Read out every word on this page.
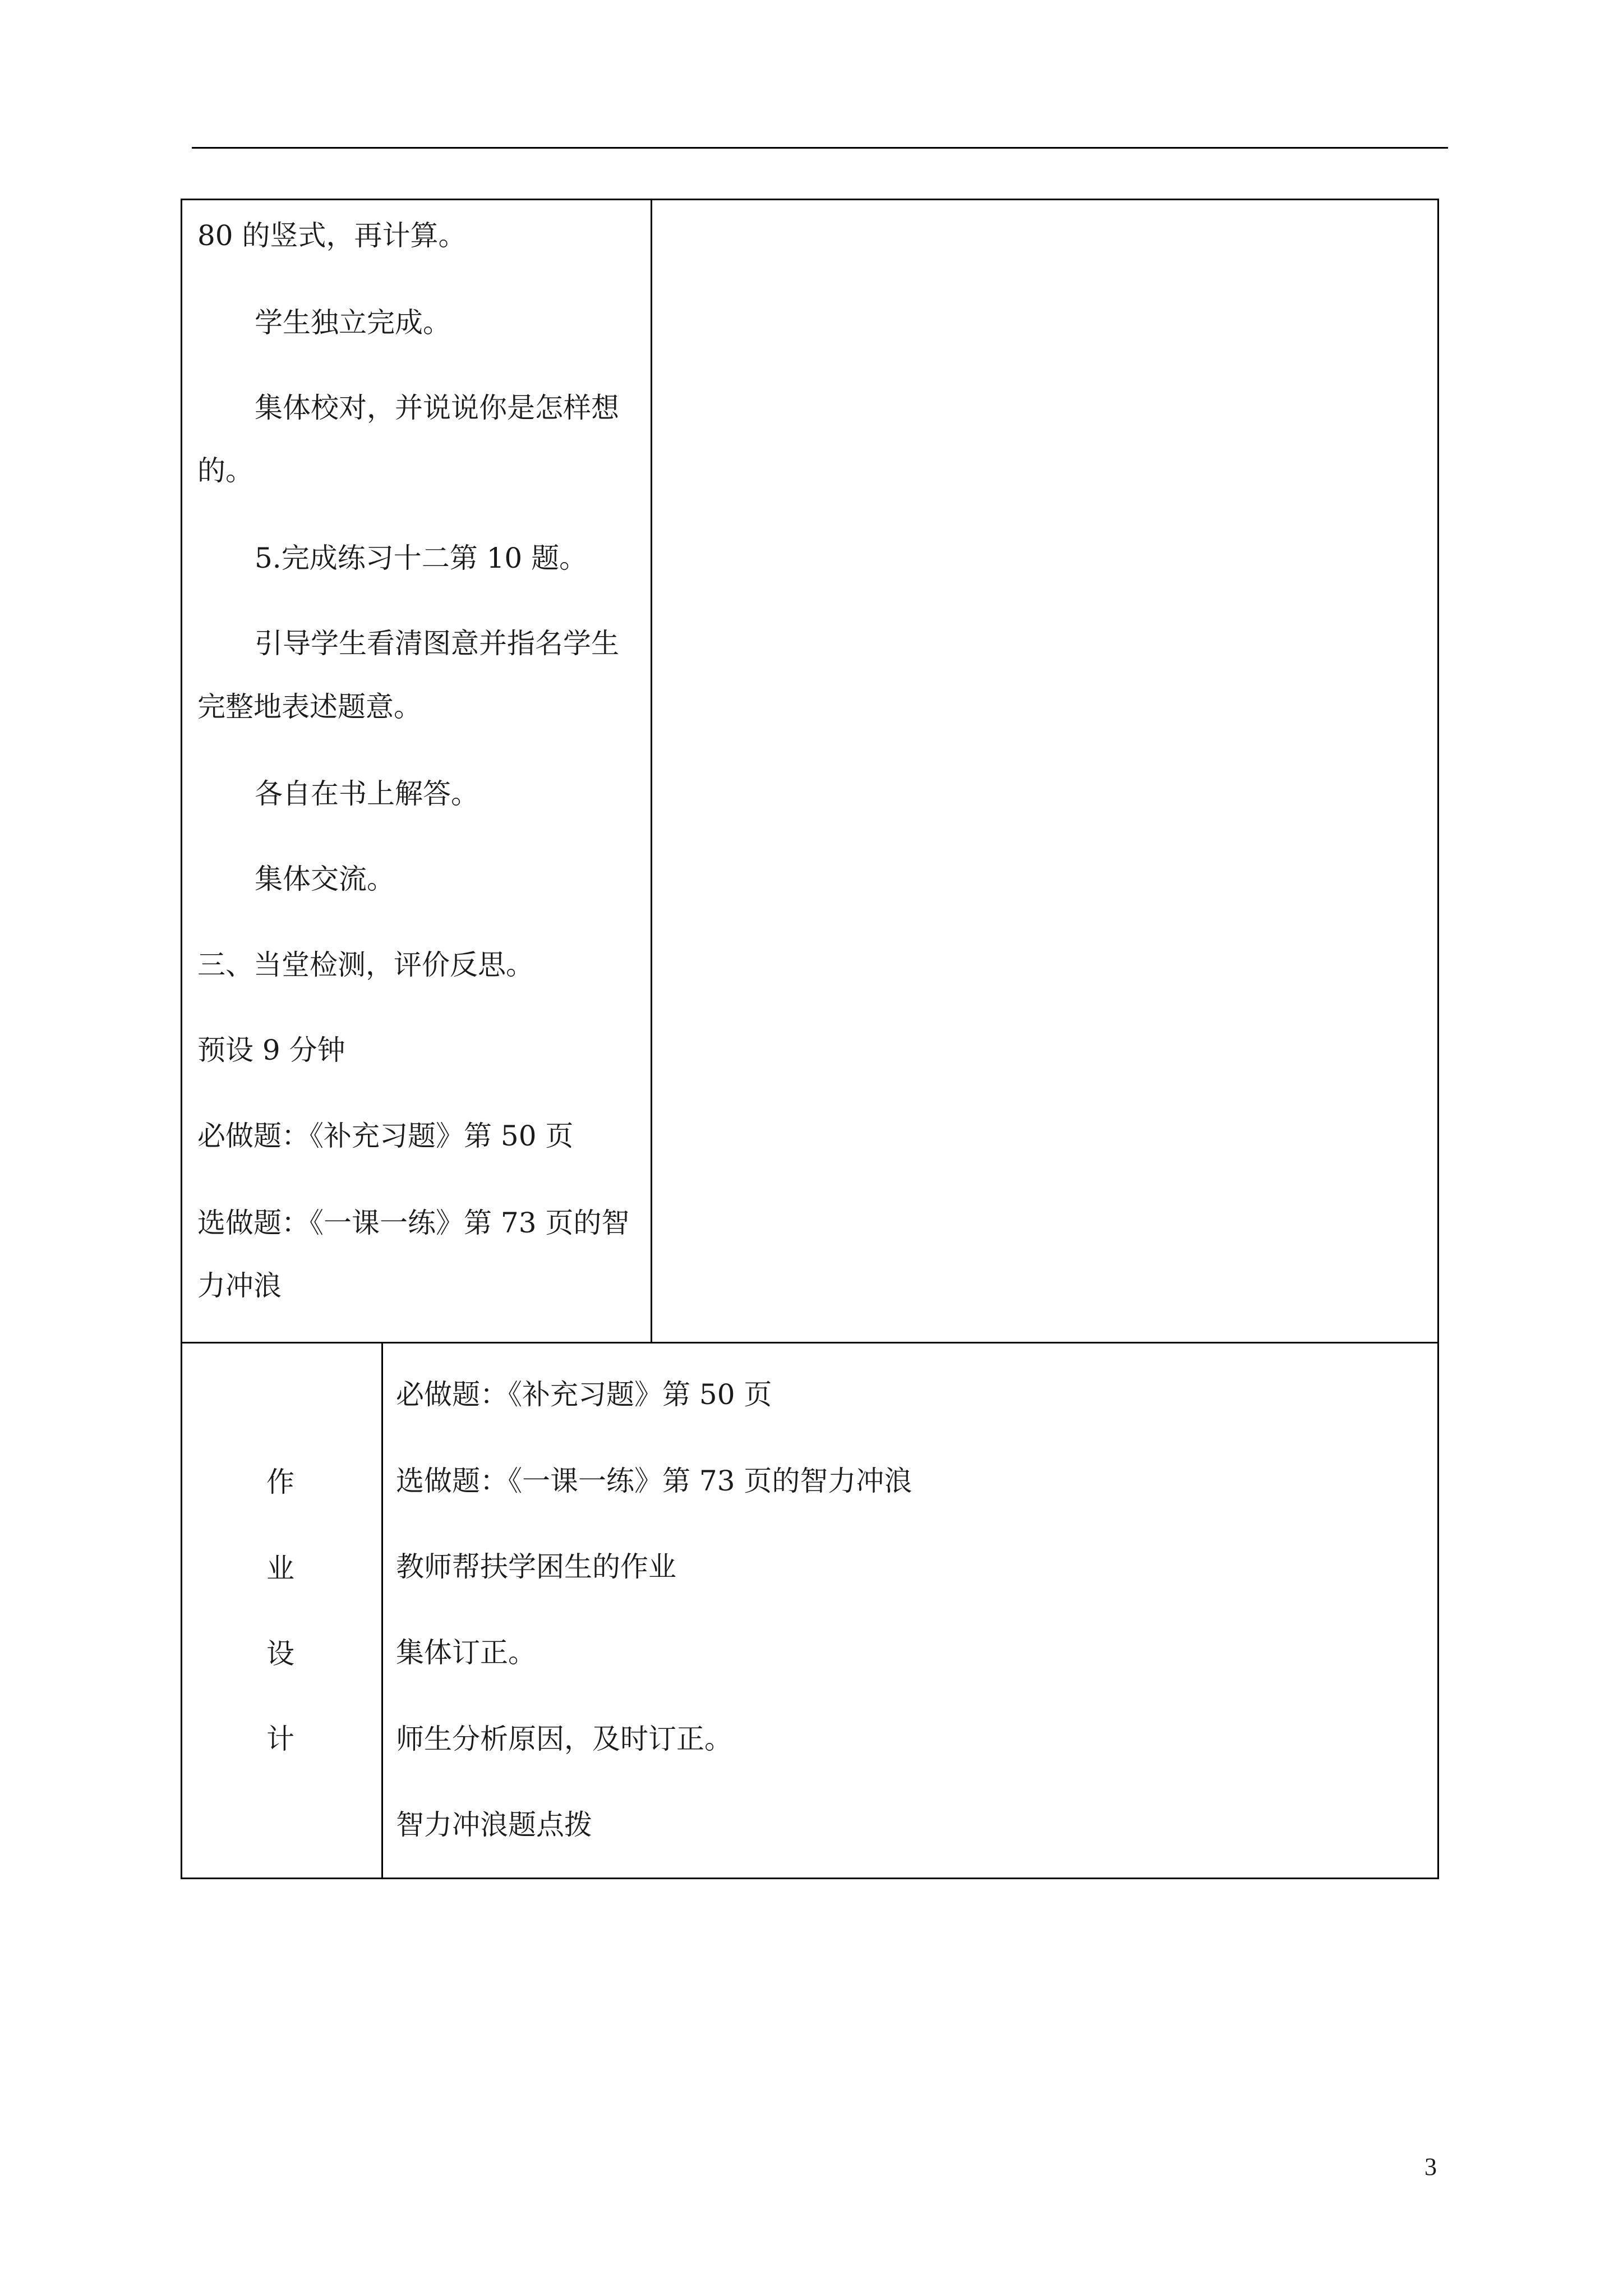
80 的竖式，再计算。
学生独立完成。
集体校对，并说说你是怎样想
的。
5.完成练习十二第 10 题。
引导学生看清图意并指名学生
完整地表述题意。
各自在书上解答。
集体交流。
三、当堂检测，评价反思。
预设 9 分钟
必做题：《补充习题》第 50 页
选做题：《一课一练》第 73 页的智
力冲浪
作
业
设
计
必做题：《补充习题》第 50 页
选做题：《一课一练》第 73 页的智力冲浪
教师帮扶学困生的作业
集体订正。
师生分析原因，及时订正。
智力冲浪题点拨
3
